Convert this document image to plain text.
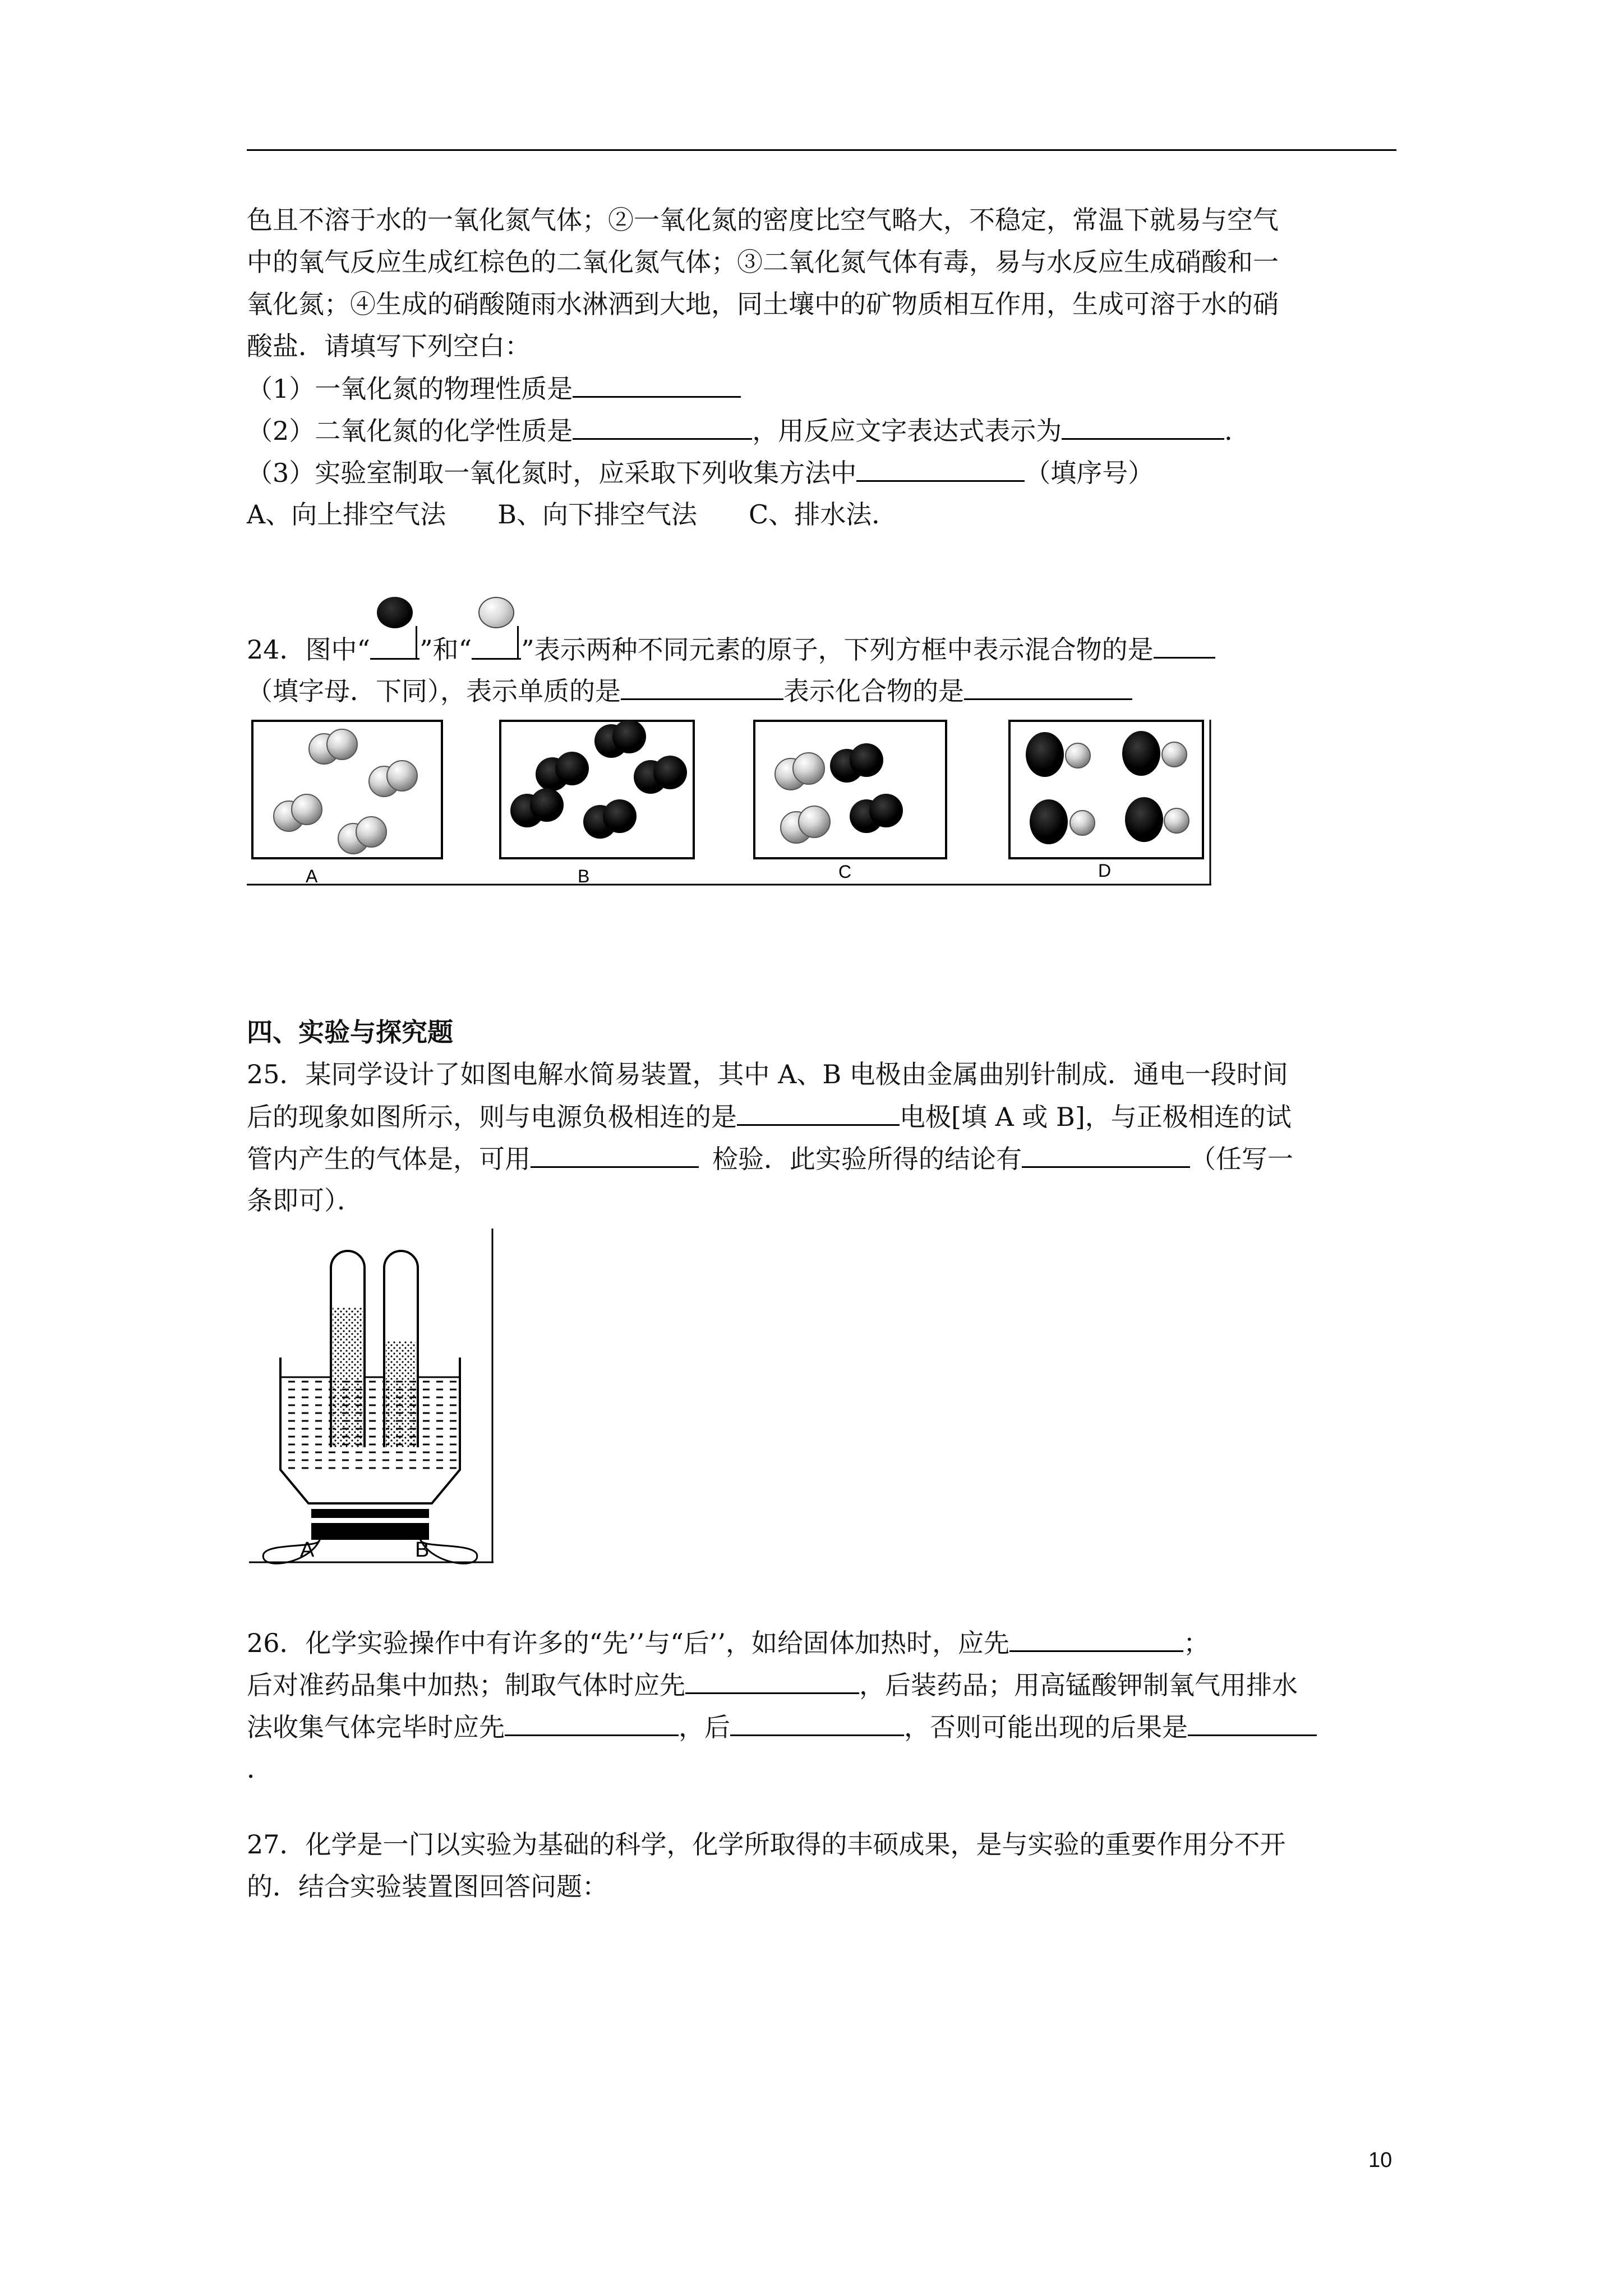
色且不溶于水的一氧化氮气体；②一氧化氮的密度比空气略大，不稳定，常温下就易与空气
中的氧气反应生成红棕色的二氧化氮气体；③二氧化氮气体有毒，易与水反应生成硝酸和一
氧化氮；④生成的硝酸随雨水淋洒到大地，同土壤中的矿物质相互作用，生成可溶于水的硝
酸盐．请填写下列空白：
（1）一氧化氮的物理性质是
（2）二氧化氮的化学性质是	，用反应文字表达式表示为	．
（3）实验室制取一氧化氮时，应采取下列收集方法中	（填序号）
A、向上排空气法　　B、向下排空气法　　C、排水法．
24．图中“ ”和“ ”表示两种不同元素的原子，下列方框中表示混合物的是
（填字母．下同），表示单质的是	表示化合物的是
A	B	C	D
四、实验与探究题
25．某同学设计了如图电解水简易装置，其中 A、B 电极由金属曲别针制成．通电一段时间
后的现象如图所示，则与电源负极相连的是	电极[填 A 或 B]，与正极相连的试
管内产生的气体是，可用	检验．此实验所得的结论有	（任写一
条即可）．
A	B
26．化学实验操作中有许多的“先’’与“后’’，如给固体加热时，应先	；
后对准药品集中加热；制取气体时应先	，后装药品；用高锰酸钾制氧气用排水
法收集气体完毕时应先	，后	，否则可能出现的后果是
．
27．化学是一门以实验为基础的科学，化学所取得的丰硕成果，是与实验的重要作用分不开
的．结合实验装置图回答问题：
10
